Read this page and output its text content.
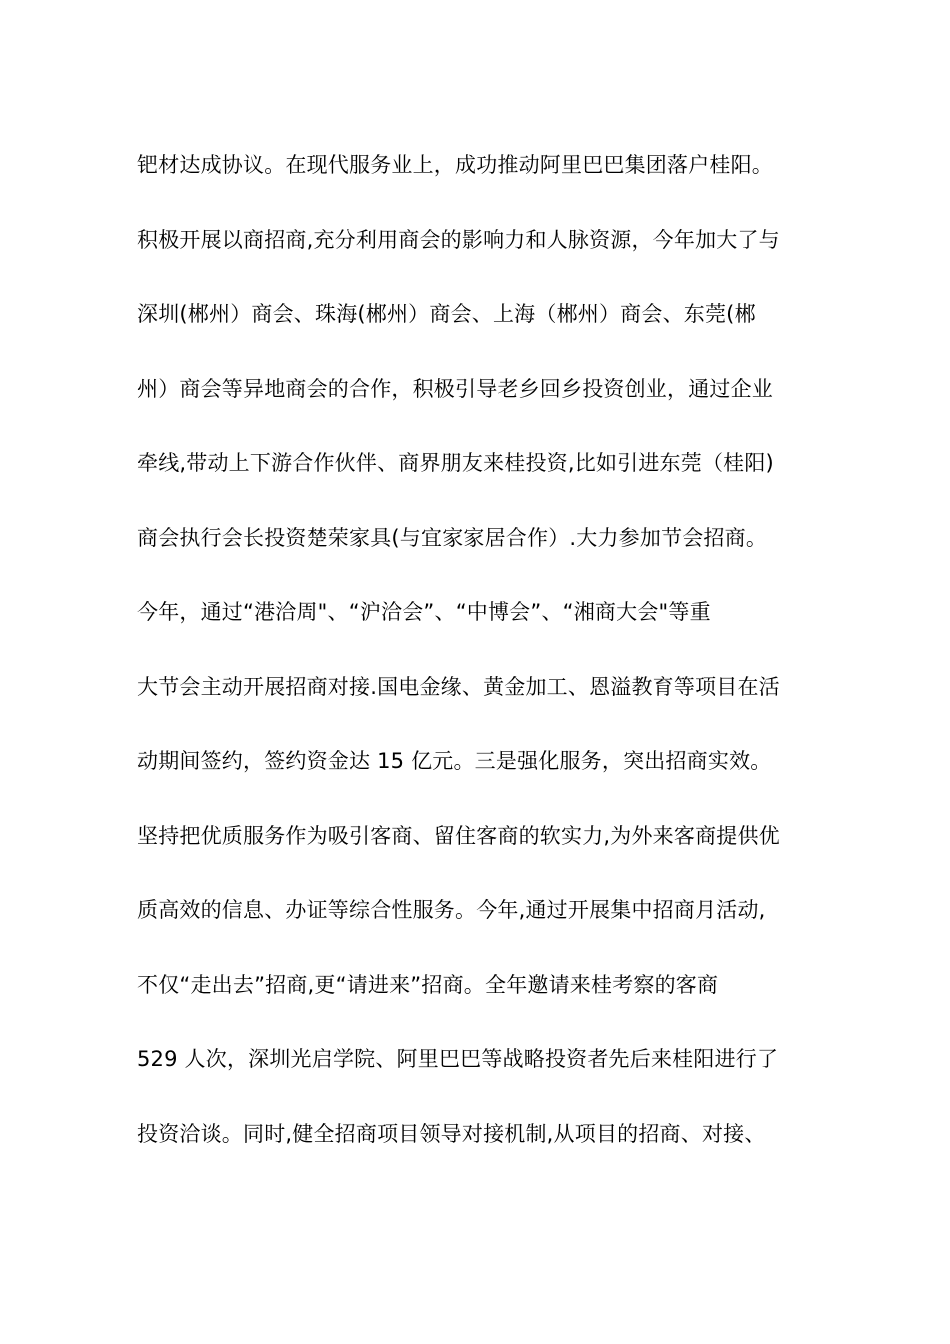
钯材达成协议。在现代服务业上，成功推动阿里巴巴集团落户桂阳。
积极开展以商招商,充分利用商会的影响力和人脉资源，今年加大了与
深圳(郴州）商会、珠海(郴州）商会、上海（郴州）商会、东莞(郴
州）商会等异地商会的合作，积极引导老乡回乡投资创业，通过企业
牵线,带动上下游合作伙伴、商界朋友来桂投资,比如引进东莞（桂阳)
商会执行会长投资楚荣家具(与宜家家居合作）.大力参加节会招商。
今年，通过“港洽周"、“沪洽会”、“中博会”、“湘商大会"等重
大节会主动开展招商对接.国电金缘、黄金加工、恩溢教育等项目在活
动期间签约，签约资金达 15 亿元。三是强化服务，突出招商实效。
坚持把优质服务作为吸引客商、留住客商的软实力,为外来客商提供优
质高效的信息、办证等综合性服务。今年,通过开展集中招商月活动,
不仅“走出去”招商,更“请进来”招商。全年邀请来桂考察的客商
529 人次，深圳光启学院、阿里巴巴等战略投资者先后来桂阳进行了
投资洽谈。同时,健全招商项目领导对接机制,从项目的招商、对接、
